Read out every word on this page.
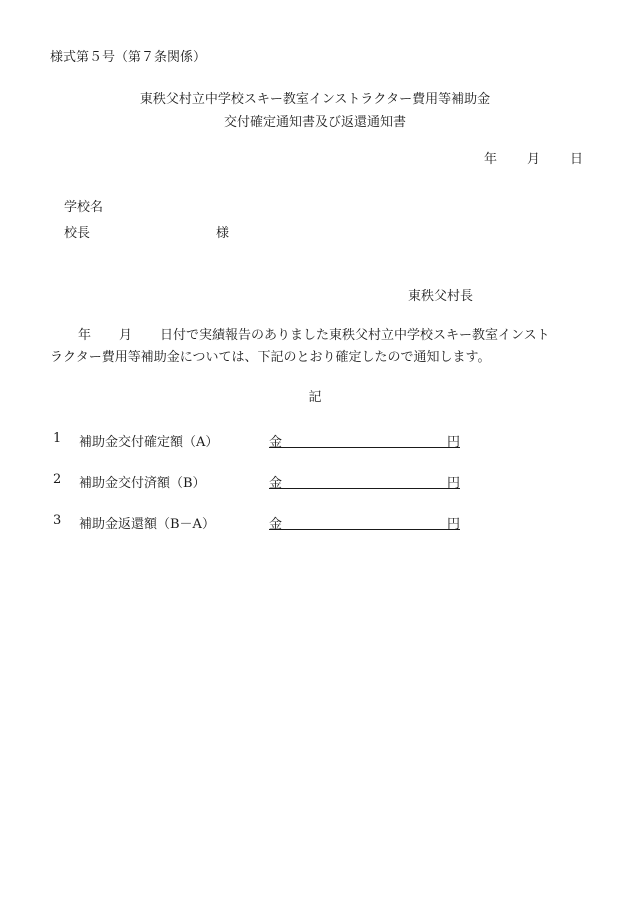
様式第５号（第７条関係）
東秩父村立中学校スキー教室インストラクター費用等補助金
交付確定通知書及び返還通知書
年 月 日
学校名
校長	様
東秩父村長
年 月 日付で実績報告のありました東秩父村立中学校スキー教室インスト
ラクター費用等補助金については、下記のとおり確定したので通知します。
記
1 補助金交付確定額（A）	金	円
2 補助金交付済額（B）	金	円
3 補助金返還額（B－A）	金	円
